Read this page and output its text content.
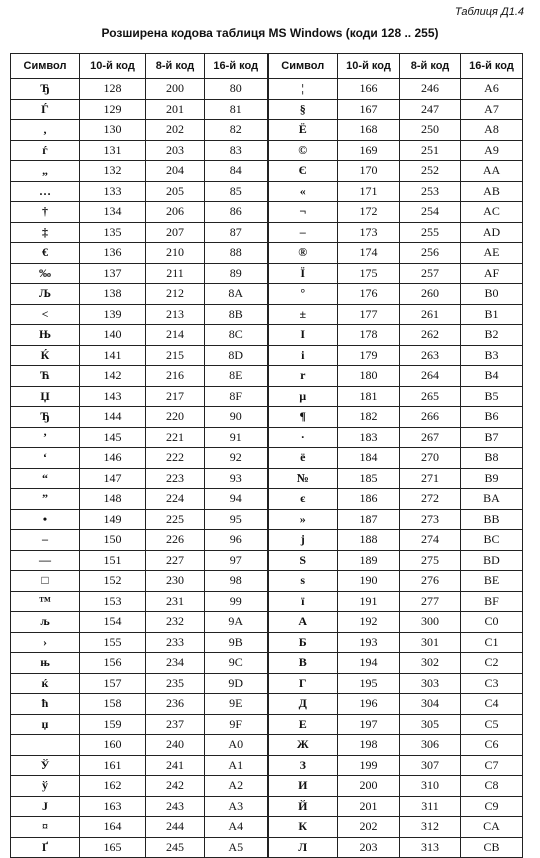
Таблиця Д1.4
Розширена кодова таблиця MS Windows (коди 128 .. 255)
Символ	10-й код	8-й код	16-й код	Символ	10-й код	8-й код	16-й код
Ђ	128	200	80	¦	166	246	A6
Ѓ	129	201	81	§	167	247	A7
‚	130	202	82	Ё	168	250	A8
ѓ	131	203	83	©	169	251	A9
„	132	204	84	Є	170	252	AA
…	133	205	85	«	171	253	AB
†	134	206	86	¬	172	254	AC
‡	135	207	87	–	173	255	AD
€	136	210	88	®	174	256	AE
‰	137	211	89	Ї	175	257	AF
Љ	138	212	8A	°	176	260	B0
<	139	213	8B	±	177	261	B1
Њ	140	214	8C	І	178	262	B2
Ќ	141	215	8D	і	179	263	B3
Ћ	142	216	8E	r	180	264	B4
Џ	143	217	8F	µ	181	265	B5
Ђ	144	220	90	¶	182	266	B6
’	145	221	91	·	183	267	B7
‘	146	222	92	ё	184	270	B8
“	147	223	93	№	185	271	B9
”	148	224	94	є	186	272	BA
•	149	225	95	»	187	273	BB
–	150	226	96	j	188	274	BC
—	151	227	97	S	189	275	BD
□	152	230	98	s	190	276	BE
™	153	231	99	ї	191	277	BF
љ	154	232	9A	А	192	300	C0
›	155	233	9B	Б	193	301	C1
њ	156	234	9C	В	194	302	C2
ќ	157	235	9D	Г	195	303	C3
ћ	158	236	9E	Д	196	304	C4
џ	159	237	9F	Е	197	305	C5
	160	240	A0	Ж	198	306	C6
Ў	161	241	A1	З	199	307	C7
ў	162	242	A2	И	200	310	C8
J	163	243	A3	Й	201	311	C9
¤	164	244	A4	К	202	312	CA
Ґ	165	245	A5	Л	203	313	CB
